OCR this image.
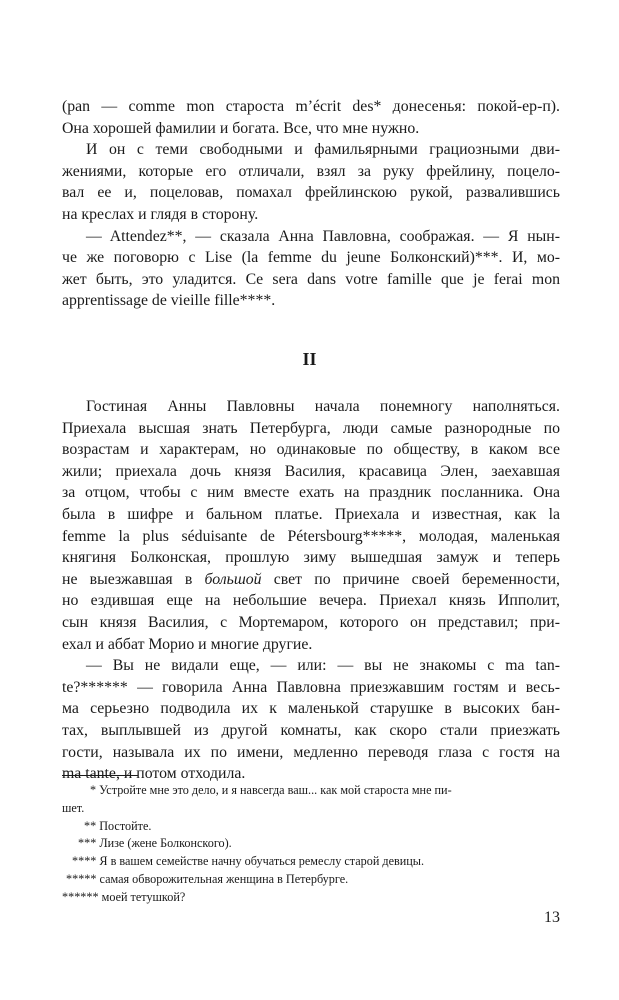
(pan — comme mon староста m’écrit des* донесенья: покой-ер-п).
Она хорошей фамилии и богата. Все, что мне нужно.
И он с теми свободными и фамильярными грациозными дви-
жениями, которые его отличали, взял за руку фрейлину, поцело-
вал ее и, поцеловав, помахал фрейлинскою рукой, развалившись
на креслах и глядя в сторону.
— Attendez**, — сказала Анна Павловна, соображая. — Я нын-
че же поговорю с Lise (la femme du jeune Болконский)***. И, мо-
жет быть, это уладится. Ce sera dans votre famille que je ferai mon
apprentissage de vieille fille****.
II
Гостиная Анны Павловны начала понемногу наполняться.
Приехала высшая знать Петербурга, люди самые разнородные по
возрастам и характерам, но одинаковые по обществу, в каком все
жили; приехала дочь князя Василия, красавица Элен, заехавшая
за отцом, чтобы с ним вместе ехать на праздник посланника. Она
была в шифре и бальном платье. Приехала и известная, как la
femme la plus séduisante de Pétersbourg*****, молодая, маленькая
княгиня Болконская, прошлую зиму вышедшая замуж и теперь
не выезжавшая в большой свет по причине своей беременности,
но ездившая еще на небольшие вечера. Приехал князь Ипполит,
сын князя Василия, с Мортемаром, которого он представил; при-
ехал и аббат Морио и многие другие.
— Вы не видали еще, — или: — вы не знакомы с ma tan-
te?****** — говорила Анна Павловна приезжавшим гостям и весь-
ма серьезно подводила их к маленькой старушке в высоких бан-
тах, выплывшей из другой комнаты, как скоро стали приезжать
гости, называла их по имени, медленно переводя глаза с гостя на
ma tante, и потом отходила.
* Устройте мне это дело, и я навсегда ваш... как мой староста мне пи-
шет.
** Постойте.
*** Лизе (жене Болконского).
**** Я в вашем семействе начну обучаться ремеслу старой девицы.
***** самая обворожительная женщина в Петербурге.
****** моей тетушкой?
13
